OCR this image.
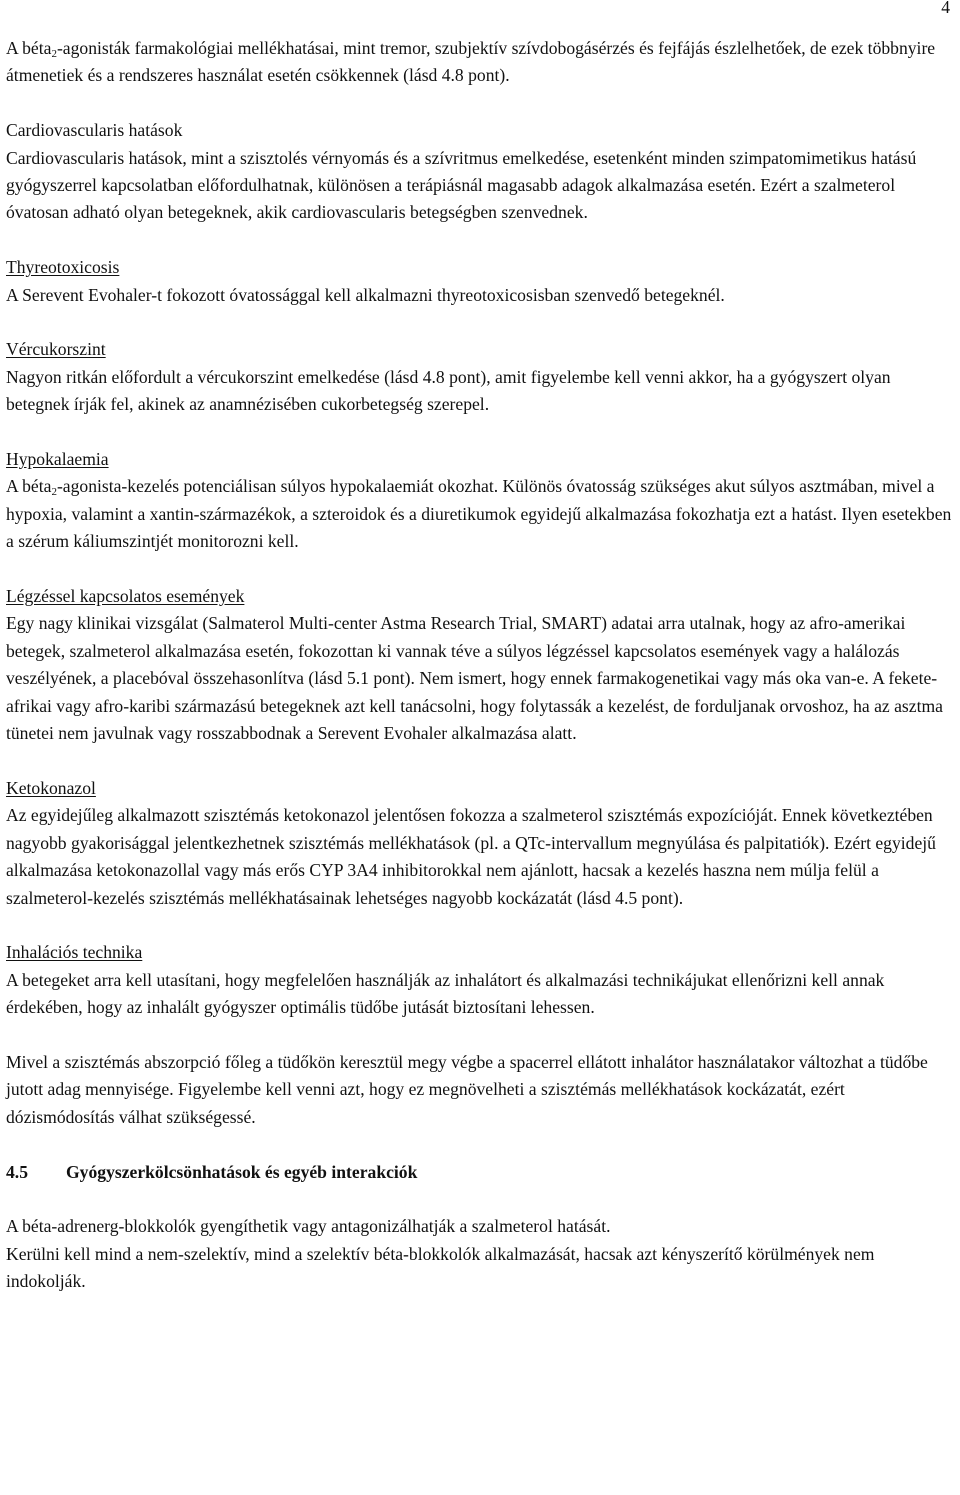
4

A béta$_2$-agonisták farmakológiai mellékhatásai, mint tremor, szubjektív szívdobogásérzés és fejfájás észlelhetőek, de ezek többnyire átmenetiek és a rendszeres használat esetén csökkennek (lásd 4.8 pont).

Cardiovascularis hatások

Cardiovascularis hatások, mint a szisztolés vérnyomás és a szívritmus emelkedése, esetenként minden szimpatomimetikus hatású gyógyszerrel kapcsolatban előfordulhatnak, különösen a terápiásnál magasabb adagok alkalmazása esetén. Ezért a szalmeterol óvatosan adható olyan betegeknek, akik cardiovascularis betegségben szenvednek.

Thyreotoxicosis

A Serevent Evohaler-t fokozott óvatossággal kell alkalmazni thyreotoxicosisban szenvedő betegeknél.

Vércukorszint

Nagyon ritkán előfordult a vércukorszint emelkedése (lásd 4.8 pont), amit figyelembe kell venni akkor, ha a gyógyszert olyan betegnek írják fel, akinek az anamnézisében cukorbetegség szerepel.

Hypokalaemia

A béta$_2$-agonista-kezelés potenciálisan súlyos hypokalaemiát okozhat. Különös óvatosság szükséges akut súlyos asztmában, mivel a hypoxia, valamint a xantin-származékok, a szteroidok és a diuretikumok egyidejű alkalmazása fokozhatja ezt a hatást. Ilyen esetekben a szérum káliumszintjét monitorozni kell.

Légzéssel kapcsolatos események

Egy nagy klinikai vizsgálat (Salmaterol Multi-center Astma Research Trial, SMART) adatai arra utalnak, hogy az afro-amerikai betegek, szalmeterol alkalmazása esetén, fokozottan ki vannak téve a súlyos légzéssel kapcsolatos események vagy a halálozás veszélyének, a placebóval összehasonlítva (lásd 5.1 pont). Nem ismert, hogy ennek farmakogenetikai vagy más oka van-e. A fekete-afrikai vagy afro-karibi származású betegeknek azt kell tanácsolni, hogy folytassák a kezelést, de forduljanak orvoshoz, ha az asztma tünetei nem javulnak vagy rosszabbodnak a Serevent Evohaler alkalmazása alatt.

Ketokonazol

Az egyidejűleg alkalmazott szisztémás ketokonazol jelentősen fokozza a szalmeterol szisztémás expozícióját. Ennek következtében nagyobb gyakorisággal jelentkezhetnek szisztémás mellékhatások (pl. a QTc-intervallum megnyúlása és palpitatiók). Ezért egyidejű alkalmazása ketokonazollal vagy más erős CYP 3A4 inhibitorokkal nem ajánlott, hacsak a kezelés haszna nem múlja felül a szalmeterol-kezelés szisztémás mellékhatásainak lehetséges nagyobb kockázatát (lásd 4.5 pont).

Inhalációs technika

A betegeket arra kell utasítani, hogy megfelelően használják az inhalátort és alkalmazási technikájukat ellenőrizni kell annak érdekében, hogy az inhalált gyógyszer optimális tüdőbe jutását biztosítani lehessen.

Mivel a szisztémás abszorpció főleg a tüdőkön keresztül megy végbe a spacerrel ellátott inhalátor használatakor változhat a tüdőbe jutott adag mennyisége. Figyelembe kell venni azt, hogy ez megnövelheti a szisztémás mellékhatások kockázatát, ezért dózismódosítás válhat szükségessé.

4.5 Gyógyszerkölcsönhatások és egyéb interakciók

A béta-adrenerg-blokkolók gyengíthetik vagy antagonizálhatják a szalmeterol hatását.

Kerülni kell mind a nem-szelektív, mind a szelektív béta-blokkolók alkalmazását, hacsak azt kényszerítő körülmények nem indokolják.
